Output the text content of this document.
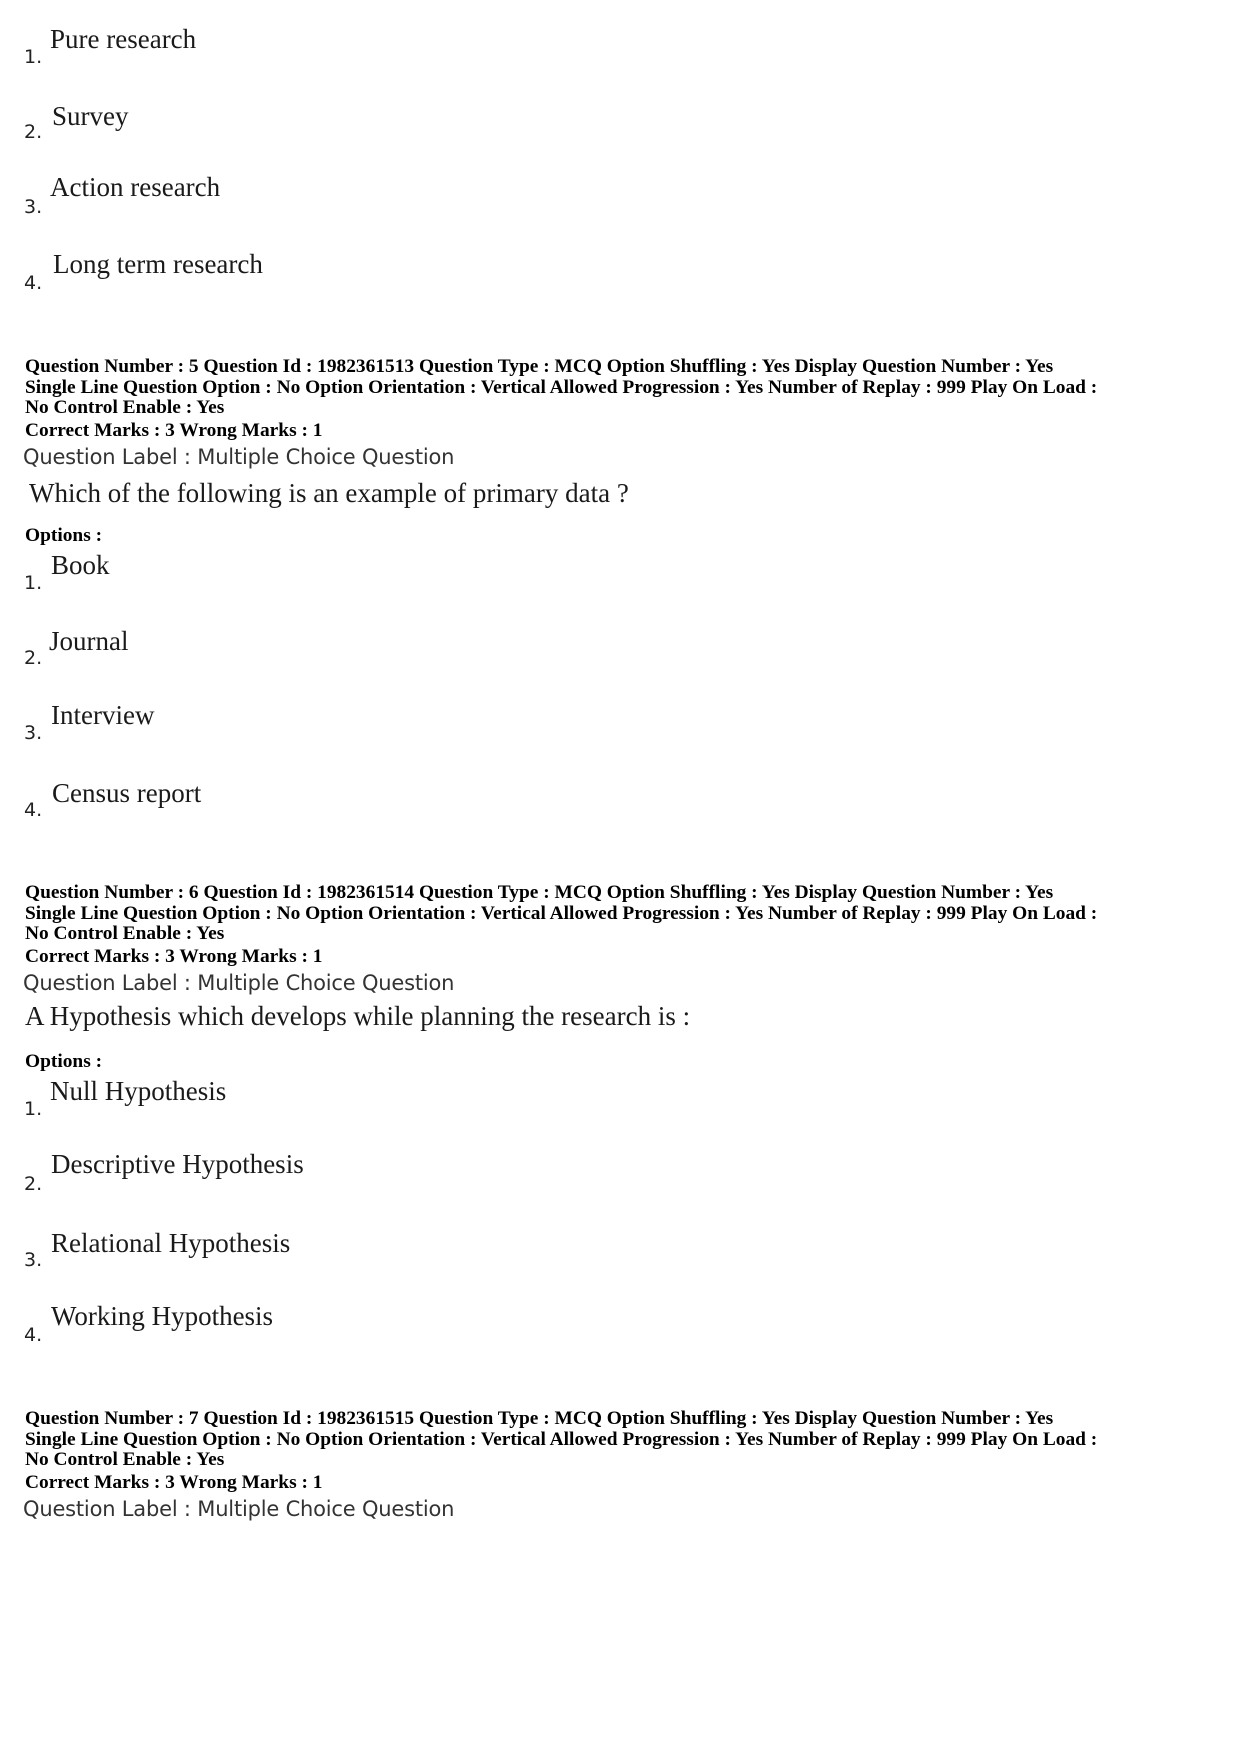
1.
Pure research
2.
Survey
3.
Action research
4.
Long term research
Question Number : 5 Question Id : 1982361513 Question Type : MCQ Option Shuffling : Yes Display Question Number : Yes
Single Line Question Option : No Option Orientation : Vertical Allowed Progression : Yes Number of Replay : 999 Play On Load :
No Control Enable : Yes
Correct Marks : 3 Wrong Marks : 1
Question Label : Multiple Choice Question
Which of the following is an example of primary data ?
Options :
1.
Book
2.
Journal
3.
Interview
4.
Census report
Question Number : 6 Question Id : 1982361514 Question Type : MCQ Option Shuffling : Yes Display Question Number : Yes
Single Line Question Option : No Option Orientation : Vertical Allowed Progression : Yes Number of Replay : 999 Play On Load :
No Control Enable : Yes
Correct Marks : 3 Wrong Marks : 1
Question Label : Multiple Choice Question
A Hypothesis which develops while planning the research is :
Options :
1.
Null Hypothesis
2.
Descriptive Hypothesis
3.
Relational Hypothesis
4.
Working Hypothesis
Question Number : 7 Question Id : 1982361515 Question Type : MCQ Option Shuffling : Yes Display Question Number : Yes
Single Line Question Option : No Option Orientation : Vertical Allowed Progression : Yes Number of Replay : 999 Play On Load :
No Control Enable : Yes
Correct Marks : 3 Wrong Marks : 1
Question Label : Multiple Choice Question
